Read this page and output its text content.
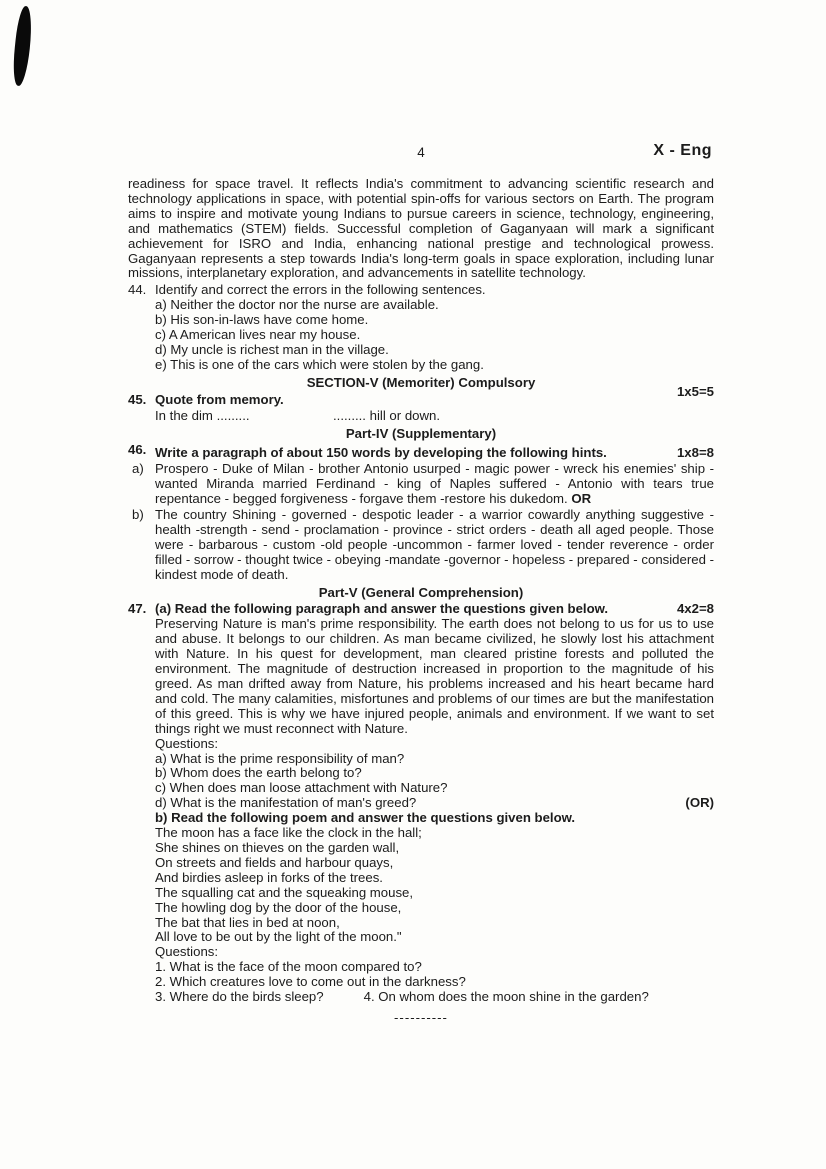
4	X - Eng

readiness for space travel. It reflects India's commitment to advancing scientific research and technology applications in space, with potential spin-offs for various sectors on Earth. The program aims to inspire and motivate young Indians to pursue careers in science, technology, engineering, and mathematics (STEM) fields. Successful completion of Gaganyaan will mark a significant achievement for ISRO and India, enhancing national prestige and technological prowess. Gaganyaan represents a step towards India's long-term goals in space exploration, including lunar missions, interplanetary exploration, and advancements in satellite technology.

44. Identify and correct the errors in the following sentences.
a) Neither the doctor nor the nurse are available.
b) His son-in-laws have come home.
c) A American lives near my house.
d) My uncle is richest man in the village.
e) This is one of the cars which were stolen by the gang.
SECTION-V (Memoriter) Compulsory
1x5=5
45. Quote from memory.
In the dim .........	......... hill or down.
Part-IV (Supplementary)
46. Write a paragraph of about 150 words by developing the following hints.	1x8=8
a) Prospero - Duke of Milan - brother Antonio usurped - magic power - wreck his enemies' ship - wanted Miranda married Ferdinand - king of Naples suffered - Antonio with tears true repentance - begged forgiveness - forgave them -restore his dukedom. OR
b) The country Shining - governed - despotic leader - a warrior cowardly anything suggestive - health -strength - send - proclamation - province - strict orders - death all aged people. Those were - barbarous - custom -old people -uncommon - farmer loved - tender reverence - order filled - sorrow - thought twice - obeying -mandate -governor - hopeless - prepared - considered - kindest mode of death.
Part-V (General Comprehension)
47. (a) Read the following paragraph and answer the questions given below.	4x2=8
Preserving Nature is man's prime responsibility. The earth does not belong to us for us to use and abuse. It belongs to our children. As man became civilized, he slowly lost his attachment with Nature. In his quest for development, man cleared pristine forests and polluted the environment. The magnitude of destruction increased in proportion to the magnitude of his greed. As man drifted away from Nature, his problems increased and his heart became hard and cold. The many calamities, misfortunes and problems of our times are but the manifestation of this greed. This is why we have injured people, animals and environment. If we want to set things right we must reconnect with Nature.
Questions:
a) What is the prime responsibility of man?
b) Whom does the earth belong to?
c) When does man loose attachment with Nature?
d) What is the manifestation of man's greed?	(OR)
b) Read the following poem and answer the questions given below.
The moon has a face like the clock in the hall;
She shines on thieves on the garden wall,
On streets and fields and harbour quays,
And birdies asleep in forks of the trees.
The squalling cat and the squeaking mouse,
The howling dog by the door of the house,
The bat that lies in bed at noon,
All love to be out by the light of the moon."
Questions:
1. What is the face of the moon compared to?
2. Which creatures love to come out in the darkness?
3. Where do the birds sleep?	4. On whom does the moon shine in the garden?
----------
